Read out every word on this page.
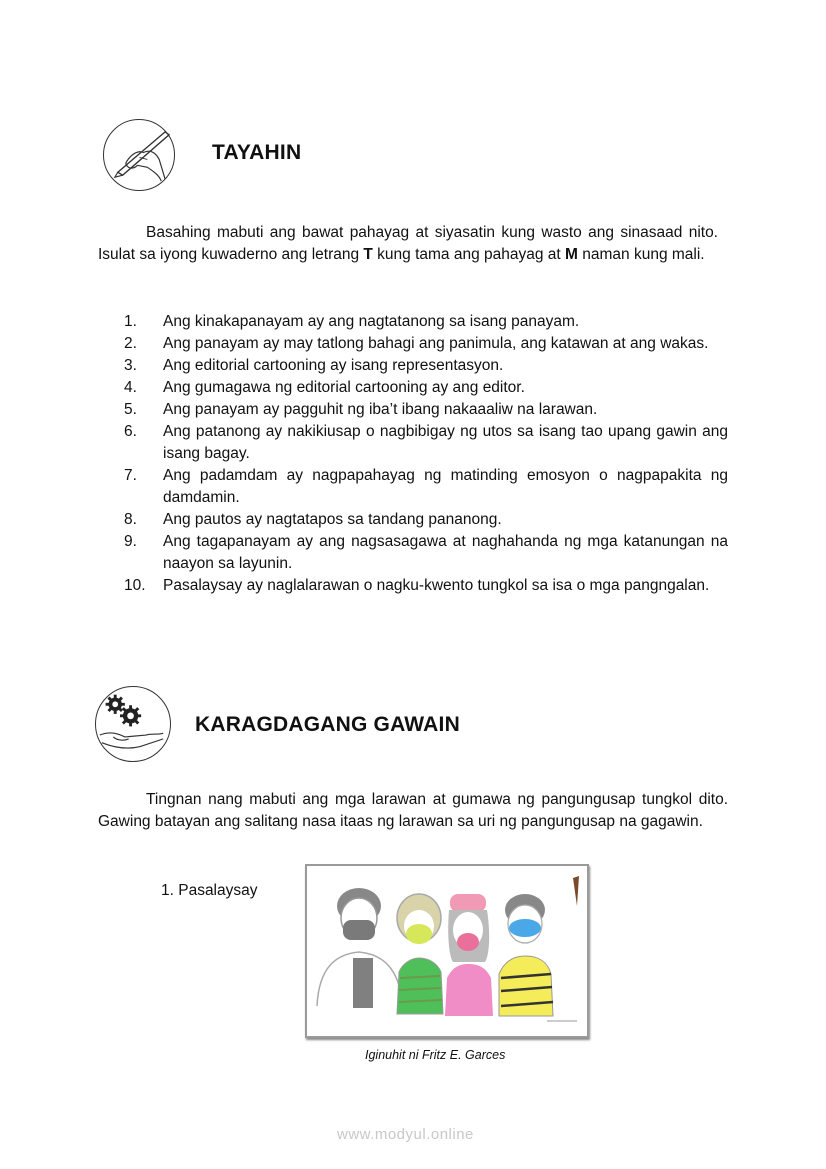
TAYAHIN
Basahing mabuti ang bawat pahayag at siyasatin kung wasto ang sinasaad nito. Isulat sa iyong kuwaderno ang letrang T kung tama ang pahayag at M naman kung mali.
1.	Ang kinakapanayam ay ang nagtatanong sa isang panayam.
2.	Ang panayam ay may tatlong bahagi ang panimula, ang katawan at ang wakas.
3.	Ang editorial cartooning ay isang representasyon.
4.	Ang gumagawa ng editorial cartooning ay ang editor.
5.	Ang panayam ay pagguhit ng iba’t ibang nakaaaliw na larawan.
6.	Ang patanong ay nakikiusap o nagbibigay ng utos sa isang tao upang gawin ang isang bagay.
7.	Ang padamdam ay nagpapahayag ng matinding emosyon o nagpapakita ng damdamin.
8.	Ang pautos ay nagtatapos sa tandang pananong.
9.	Ang tagapanayam ay ang nagsasagawa at naghahanda ng mga katanungan na naayon sa layunin.
10.	Pasalaysay ay naglalarawan o nagku-kwento tungkol sa isa o mga pangngalan.
KARAGDAGANG GAWAIN
Tingnan nang mabuti ang mga larawan at gumawa ng pangungusap tungkol dito. Gawing batayan ang salitang nasa itaas ng larawan sa uri ng pangungusap na gagawin.
1. Pasalaysay
Iginuhit ni Fritz E. Garces
www.modyul.online
